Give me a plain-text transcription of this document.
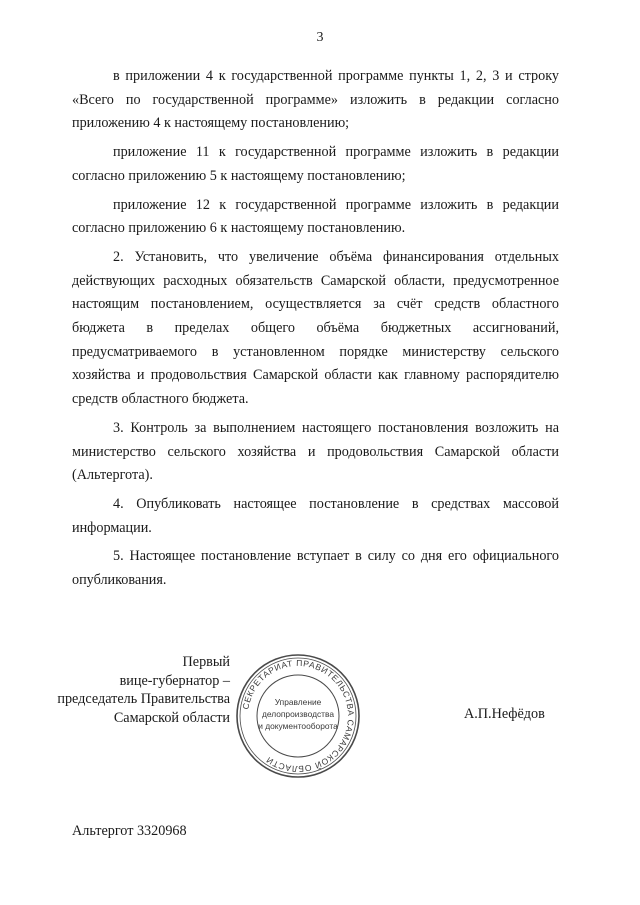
3

в приложении 4 к государственной программе пункты 1, 2, 3 и строку «Всего по государственной программе» изложить в редакции согласно приложению 4 к настоящему постановлению;

приложение 11 к государственной программе изложить в редакции согласно приложению 5 к настоящему постановлению;

приложение 12 к государственной программе изложить в редакции согласно приложению 6 к настоящему постановлению.

2. Установить, что увеличение объёма финансирования отдельных действующих расходных обязательств Самарской области, предусмотренное настоящим постановлением, осуществляется за счёт средств областного бюджета в пределах общего объёма бюджетных ассигнований, предусматриваемого в установленном порядке министерству сельского хозяйства и продовольствия Самарской области как главному распорядителю средств областного бюджета.

3. Контроль за выполнением настоящего постановления возложить на министерство сельского хозяйства и продовольствия Самарской области (Альтергота).

4. Опубликовать настоящее постановление в средствах массовой информации.

5. Настоящее постановление вступает в силу со дня его официального опубликования.

СЕКРЕТАРИАТ ПРАВИТЕЛЬСТВА САМАРСКОЙ ОБЛАСТИ
Управление
делопроизводства
и документооборота
Первый
вице-губернатор –
председатель Правительства
Самарской области	А.П.Нефёдов
Альтергот 3320968
